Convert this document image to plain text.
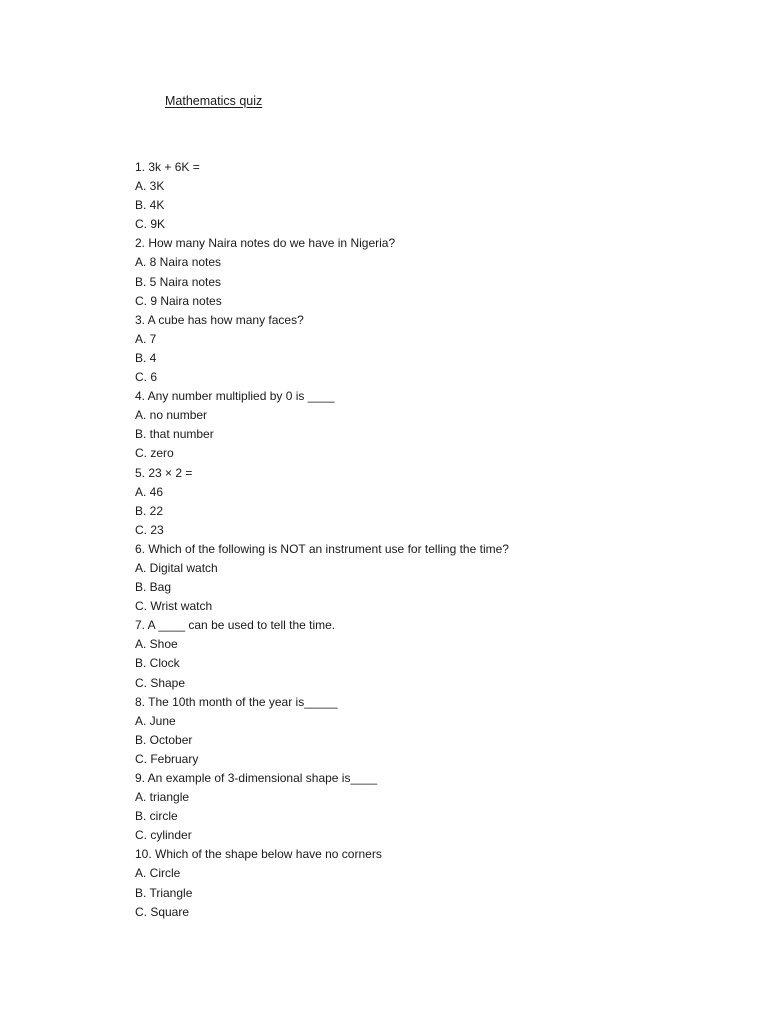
Mathematics quiz
1. 3k + 6K =
A. 3K
B. 4K
C. 9K
2. How many Naira notes do we have in Nigeria?
A. 8 Naira notes
B. 5 Naira notes
C. 9 Naira notes
3. A cube has how many faces?
A. 7
B. 4
C. 6
4. Any number multiplied by 0 is ____
A. no number
B. that number
C. zero
5. 23 × 2 =
A. 46
B. 22
C. 23
6. Which of the following is NOT an instrument use for telling the time?
A. Digital watch
B. Bag
C. Wrist watch
7. A ____ can be used to tell the time.
A. Shoe
B. Clock
C. Shape
8. The 10th month of the year is_____
A. June
B. October
C. February
9. An example of 3-dimensional shape is____
A. triangle
B. circle
C. cylinder
10. Which of the shape below have no corners
A. Circle
B. Triangle
C. Square
